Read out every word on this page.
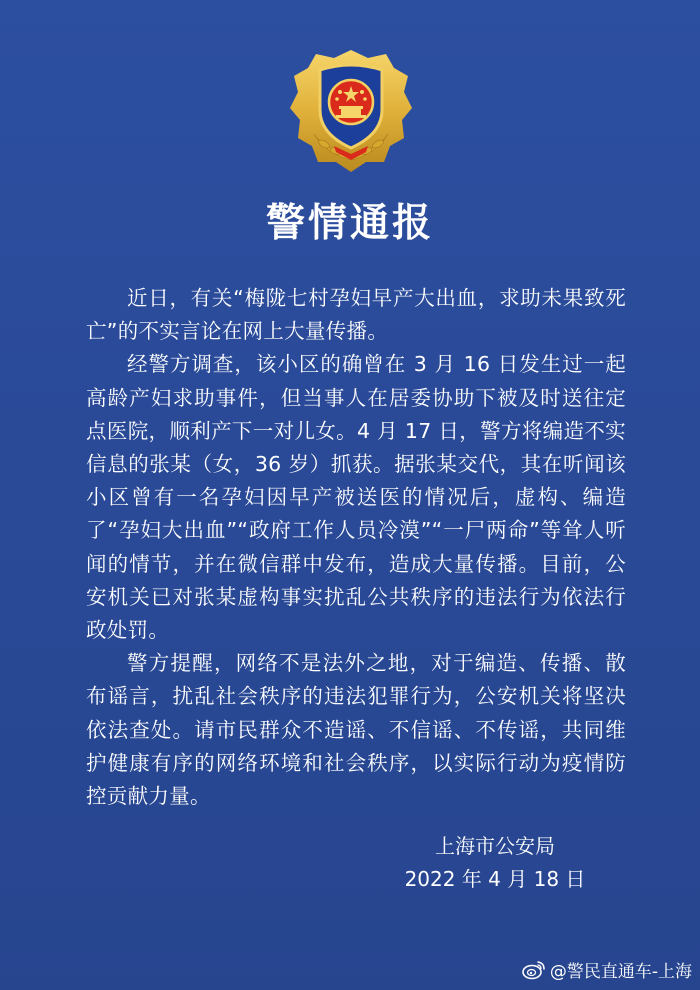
警情通报

近日，有关“梅陇七村孕妇早产大出血，求助未果致死亡”的不实言论在网上大量传播。

经警方调查，该小区的确曾在 3 月 16 日发生过一起高龄产妇求助事件，但当事人在居委协助下被及时送往定点医院，顺利产下一对儿女。4 月 17 日，警方将编造不实信息的张某（女，36 岁）抓获。据张某交代，其在听闻该小区曾有一名孕妇因早产被送医的情况后，虚构、编造了“孕妇大出血”“政府工作人员冷漠”“一尸两命”等耸人听闻的情节，并在微信群中发布，造成大量传播。目前，公安机关已对张某虚构事实扰乱公共秩序的违法行为依法行政处罚。

警方提醒，网络不是法外之地，对于编造、传播、散布谣言，扰乱社会秩序的违法犯罪行为，公安机关将坚决依法查处。请市民群众不造谣、不信谣、不传谣，共同维护健康有序的网络环境和社会秩序，以实际行动为疫情防控贡献力量。

上海市公安局
2022 年 4 月 18 日
@警民直通车-上海
